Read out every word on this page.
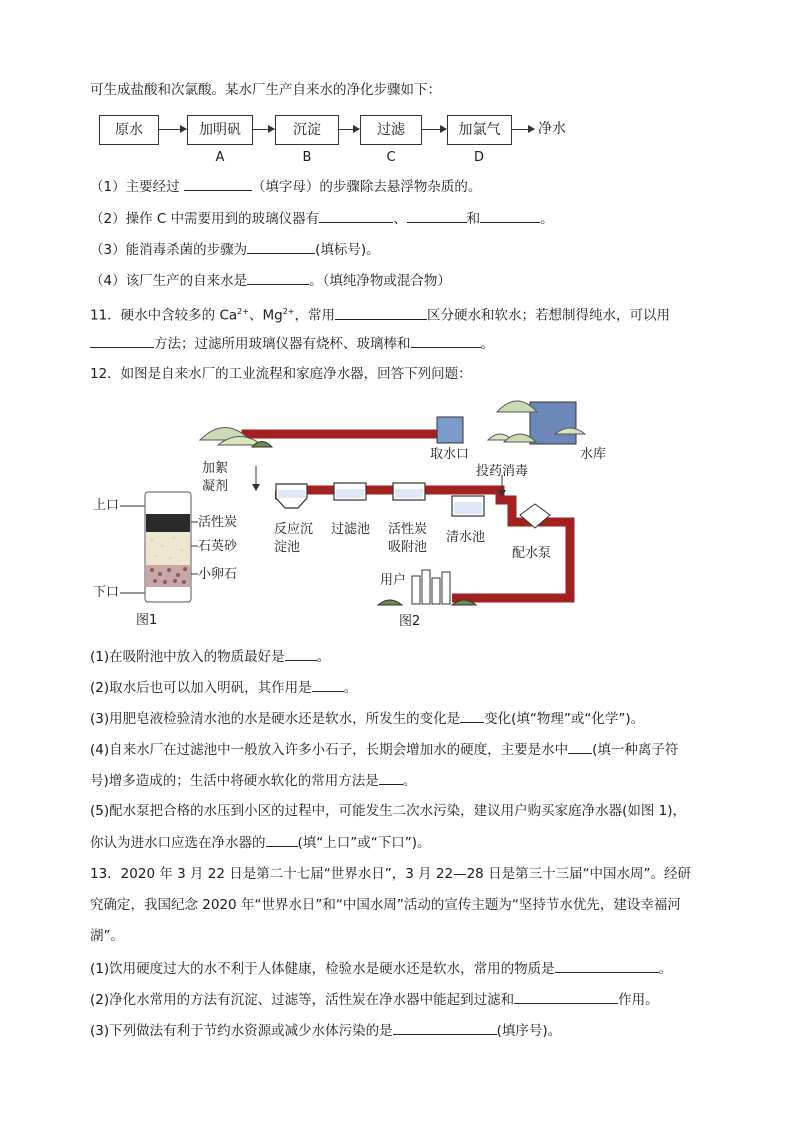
可生成盐酸和次氯酸。某水厂生产自来水的净化步骤如下：
原水	加明矾	沉淀	过滤	加氯气	净水
A	B	C	D
（1）主要经过	（填字母）的步骤除去悬浮物杂质的。
（2）操作 C 中需要用到的玻璃仪器有	、	和	。
（3）能消毒杀菌的步骤为	(填标号)。
（4）该厂生产的自来水是	。（填纯净物或混合物）
11．硬水中含较多的 $Ca^{2+}$、$Mg^{2+}$，常用	区分硬水和软水；若想制得纯水，可以用
方法；过滤所用玻璃仪器有烧杯、玻璃棒和	。
12．如图是自来水厂的工业流程和家庭净水器，回答下列问题：
上口
下口
活性炭
石英砂
小卵石
图1
加絮凝剂
取水口	水库
投药消毒
反应沉淀池
过滤池 活性炭吸附池
清水池
配水泵
用户
图2
(1)在吸附池中放入的物质最好是 。
(2)取水后也可以加入明矾，其作用是 。
(3)用肥皂液检验清水池的水是硬水还是软水，所发生的变化是 变化(填“物理”或“化学”)。
(4)自来水厂在过滤池中一般放入许多小石子，长期会增加水的硬度，主要是水中 (填一种离子符
号)增多造成的；生活中将硬水软化的常用方法是 。
(5)配水泵把合格的水压到小区的过程中，可能发生二次水污染，建议用户购买家庭净水器(如图 1)，
你认为进水口应选在净水器的 (填“上口”或“下口”)。
13．2020 年 3 月 22 日是第二十七届“世界水日”，3 月 22—28 日是第三十三届“中国水周”。经研
究确定，我国纪念 2020 年“世界水日”和“中国水周”活动的宣传主题为“坚持节水优先，建设幸福河
湖”。
(1)饮用硬度过大的水不利于人体健康，检验水是硬水还是软水，常用的物质是	。
(2)净化水常用的方法有沉淀、过滤等，活性炭在净水器中能起到过滤和	作用。
(3)下列做法有利于节约水资源或减少水体污染的是	(填序号)。
